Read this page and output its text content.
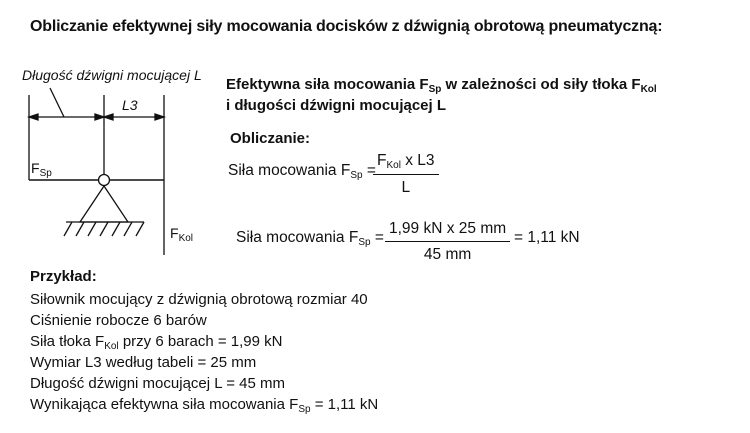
Obliczanie efektywnej siły mocowania docisków z dźwignią obrotową pneumatyczną:
Długość dźwigni mocującej L
L3
$F_{Sp}$
$F_{Kol}$
Efektywna siła mocowania $F_{Sp}$ w zależności od siły tłoka $F_{Kol}$
i długości dźwigni mocującej L
Obliczanie:
Siła mocowania $F_{Sp}$ =
$F_{Kol}$ x L3
L
Siła mocowania $F_{Sp} = \frac{\text{1,99 kN x 25 mm}}{45 mm} = 1,11$ kN
Przykład:
Siłownik mocujący z dźwignią obrotową rozmiar 40
Ciśnienie robocze 6 barów
Siła tłoka $F_{Kol}$ przy 6 barach = 1,99 kN
Wymiar L3 według tabeli = 25 mm
Długość dźwigni mocującej L = 45 mm
Wynikająca efektywna siła mocowania $F_{Sp} = 1,11$ kN
